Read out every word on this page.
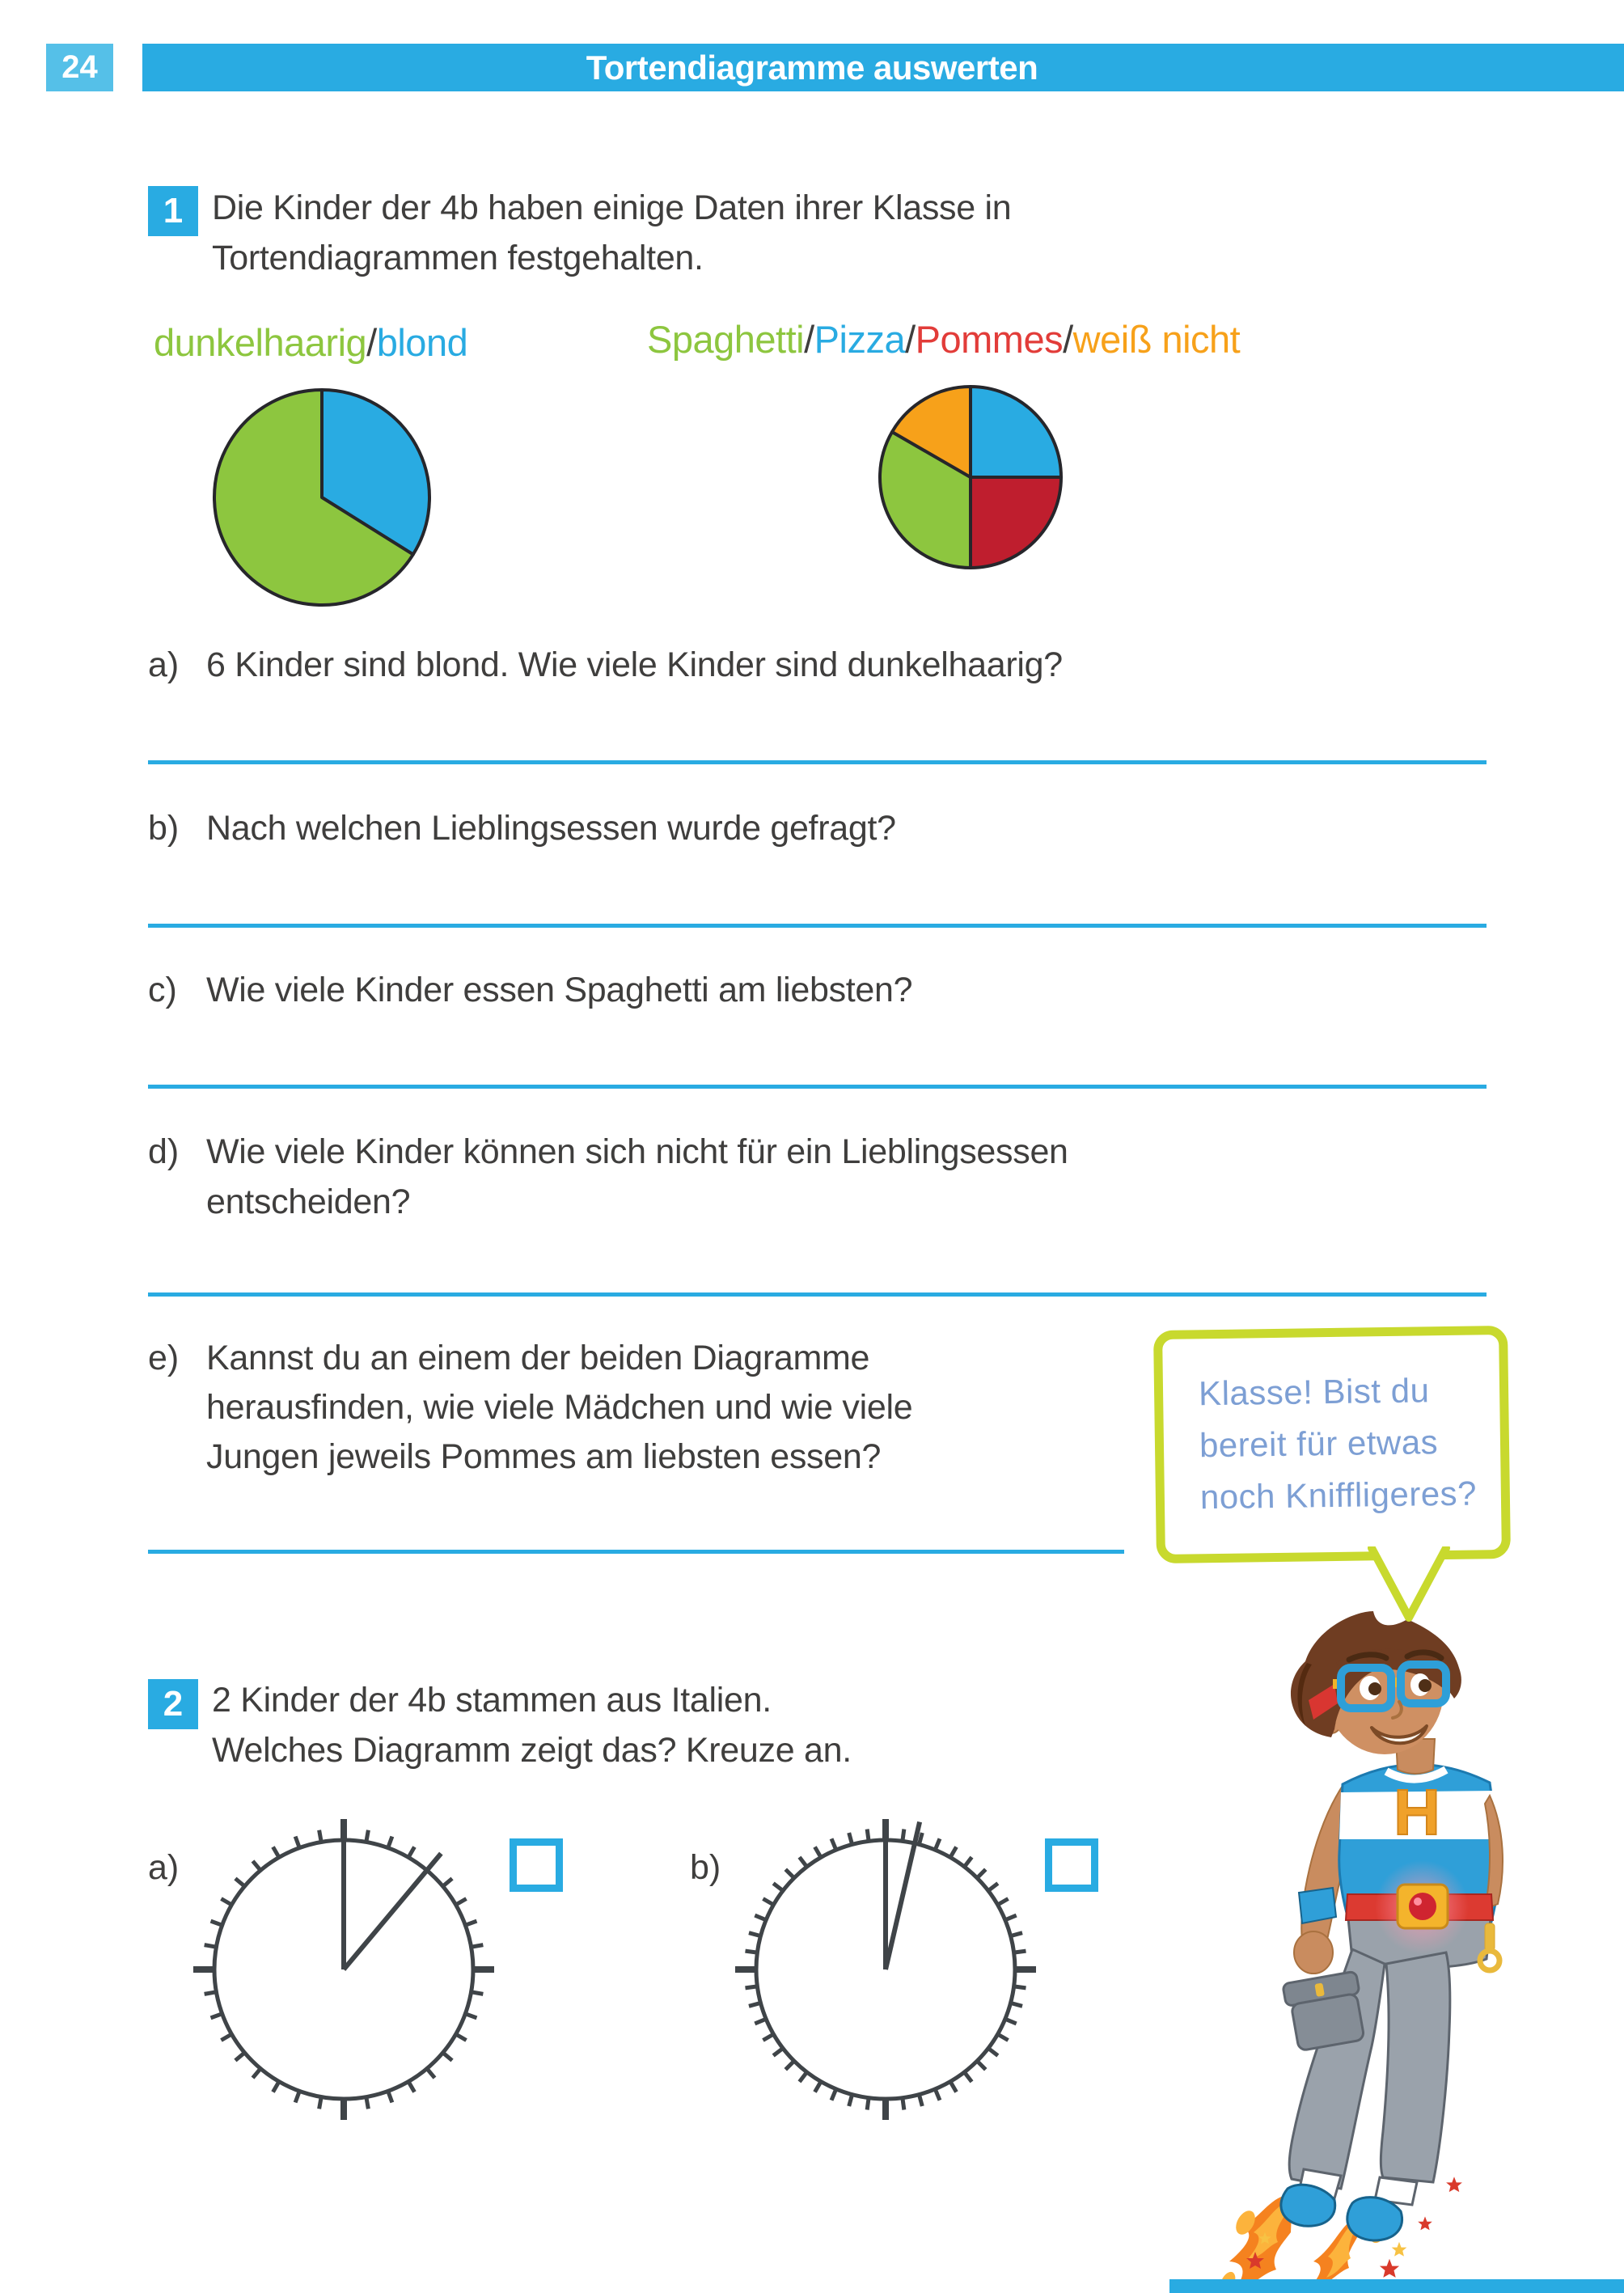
24	Tortendiagramme auswerten
1 Die Kinder der 4b haben einige Daten ihrer Klasse in
Tortendiagrammen festgehalten.
dunkelhaarig/blond	Spaghetti/Pizza/Pommes/weiß nicht
a) 6 Kinder sind blond. Wie viele Kinder sind dunkelhaarig?
b) Nach welchen Lieblingsessen wurde gefragt?
c) Wie viele Kinder essen Spaghetti am liebsten?
d) Wie viele Kinder können sich nicht für ein Lieblingsessen
entscheiden?
e) Kannst du an einem der beiden Diagramme
herausfinden, wie viele Mädchen und wie viele
Jungen jeweils Pommes am liebsten essen?
Klasse! Bist du
bereit für etwas
noch Kniffligeres?
2 2 Kinder der 4b stammen aus Italien.
Welches Diagramm zeigt das? Kreuze an.
a)	b)
H
